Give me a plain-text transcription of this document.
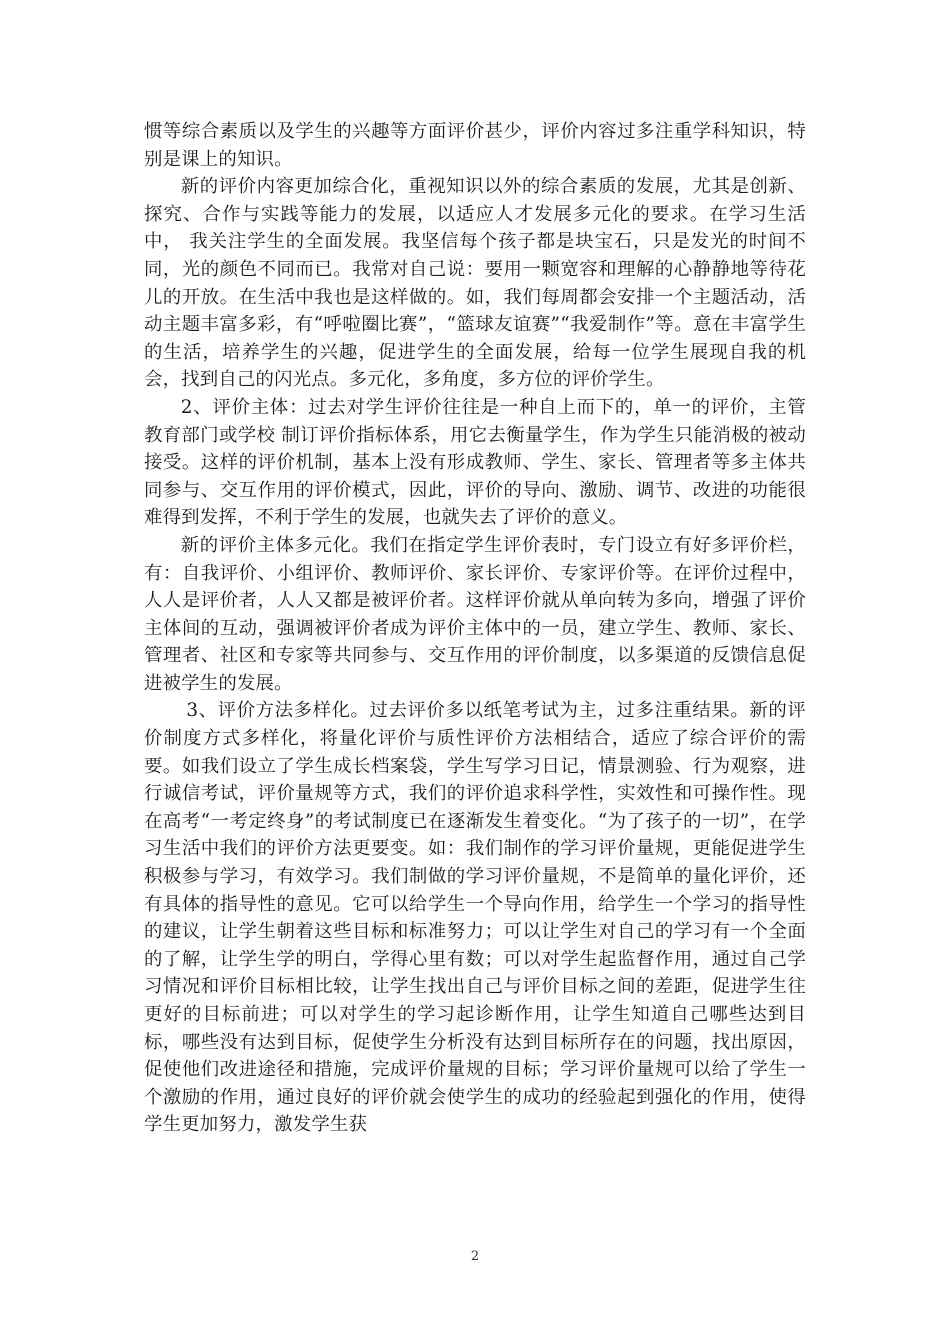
惯等综合素质以及学生的兴趣等方面评价甚少，评价内容过多注重学科知识，特别是课上的知识。

新的评价内容更加综合化，重视知识以外的综合素质的发展，尤其是创新、探究、合作与实践等能力的发展，以适应人才发展多元化的要求。在学习生活中， 我关注学生的全面发展。我坚信每个孩子都是块宝石，只是发光的时间不同，光的颜色不同而已。我常对自己说：要用一颗宽容和理解的心静静地等待花儿的开放。在生活中我也是这样做的。如，我们每周都会安排一个主题活动，活动主题丰富多彩，有“呼啦圈比赛”，“篮球友谊赛”“我爱制作”等。意在丰富学生的生活，培养学生的兴趣，促进学生的全面发展，给每一位学生展现自我的机会，找到自己的闪光点。多元化，多角度，多方位的评价学生。

2、评价主体：过去对学生评价往往是一种自上而下的，单一的评价，主管教育部门或学校 制订评价指标体系，用它去衡量学生，作为学生只能消极的被动接受。这样的评价机制，基本上没有形成教师、学生、家长、管理者等多主体共同参与、交互作用的评价模式，因此，评价的导向、激励、调节、改进的功能很难得到发挥，不利于学生的发展，也就失去了评价的意义。

新的评价主体多元化。我们在指定学生评价表时，专门设立有好多评价栏，有：自我评价、小组评价、教师评价、家长评价、专家评价等。在评价过程中，人人是评价者，人人又都是被评价者。这样评价就从单向转为多向，增强了评价主体间的互动，强调被评价者成为评价主体中的一员，建立学生、教师、家长、管理者、社区和专家等共同参与、交互作用的评价制度，以多渠道的反馈信息促进被学生的发展。

3、评价方法多样化。过去评价多以纸笔考试为主，过多注重结果。新的评价制度方式多样化，将量化评价与质性评价方法相结合，适应了综合评价的需要。如我们设立了学生成长档案袋，学生写学习日记，情景测验、行为观察，进行诚信考试，评价量规等方式，我们的评价追求科学性，实效性和可操作性。现在高考“一考定终身”的考试制度已在逐渐发生着变化。“为了孩子的一切”，在学习生活中我们的评价方法更要变。如：我们制作的学习评价量规，更能促进学生积极参与学习，有效学习。我们制做的学习评价量规，不是简单的量化评价，还有具体的指导性的意见。它可以给学生一个导向作用，给学生一个学习的指导性的建议，让学生朝着这些目标和标准努力；可以让学生对自己的学习有一个全面的了解，让学生学的明白，学得心里有数；可以对学生起监督作用，通过自己学习情况和评价目标相比较，让学生找出自己与评价目标之间的差距，促进学生往更好的目标前进；可以对学生的学习起诊断作用，让学生知道自己哪些达到目标，哪些没有达到目标，促使学生分析没有达到目标所存在的问题，找出原因，促使他们改进途径和措施，完成评价量规的目标；学习评价量规可以给了学生一个激励的作用，通过良好的评价就会使学生的成功的经验起到强化的作用，使得学生更加努力，激发学生获

2
